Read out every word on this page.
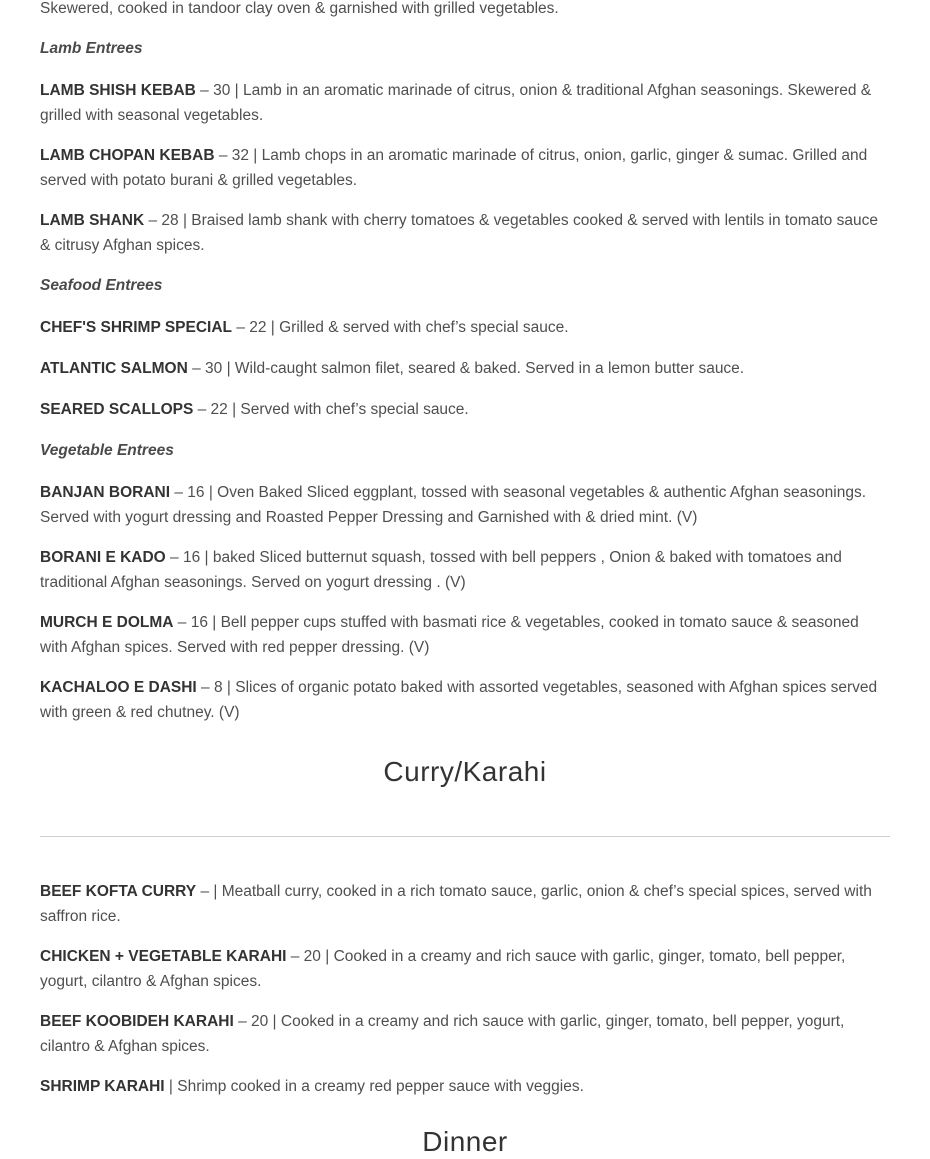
Skewered, cooked in tandoor clay oven & garnished with grilled vegetables.

Lamb Entrees

LAMB SHISH KEBAB – 30 | Lamb in an aromatic marinade of citrus, onion & traditional Afghan seasonings. Skewered & grilled with seasonal vegetables.

LAMB CHOPAN KEBAB – 32 | Lamb chops in an aromatic marinade of citrus, onion, garlic, ginger & sumac. Grilled and served with potato burani & grilled vegetables.

LAMB SHANK – 28 | Braised lamb shank with cherry tomatoes & vegetables cooked & served with lentils in tomato sauce & citrusy Afghan spices.

Seafood Entrees

CHEF'S SHRIMP SPECIAL – 22 | Grilled & served with chef’s special sauce.

ATLANTIC SALMON – 30 | Wild-caught salmon filet, seared & baked. Served in a lemon butter sauce.

SEARED SCALLOPS – 22 | Served with chef’s special sauce.

Vegetable Entrees

BANJAN BORANI – 16 | Oven Baked Sliced eggplant, tossed with seasonal vegetables & authentic Afghan seasonings. Served with yogurt dressing and Roasted Pepper Dressing and Garnished with & dried mint. (V)

BORANI E KADO – 16 | baked Sliced butternut squash, tossed with bell peppers , Onion & baked with tomatoes and traditional Afghan seasonings. Served on yogurt dressing . (V)

MURCH E DOLMA – 16 | Bell pepper cups stuffed with basmati rice & vegetables, cooked in tomato sauce & seasoned with Afghan spices. Served with red pepper dressing. (V)

KACHALOO E DASHI – 8 | Slices of organic potato baked with assorted vegetables, seasoned with Afghan spices served with green & red chutney. (V)

Curry/Karahi

BEEF KOFTA CURRY – | Meatball curry, cooked in a rich tomato sauce, garlic, onion & chef’s special spices, served with saffron rice.

CHICKEN + VEGETABLE KARAHI – 20 | Cooked in a creamy and rich sauce with garlic, ginger, tomato, bell pepper, yogurt, cilantro & Afghan spices.

BEEF KOOBIDEH KARAHI – 20 | Cooked in a creamy and rich sauce with garlic, ginger, tomato, bell pepper, yogurt, cilantro & Afghan spices.

SHRIMP KARAHI | Shrimp cooked in a creamy red pepper sauce with veggies.

Dinner
